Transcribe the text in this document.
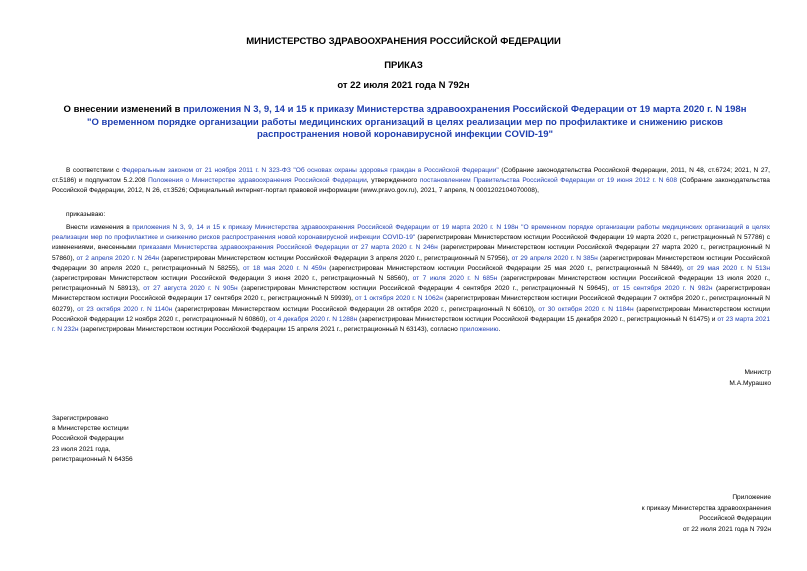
МИНИСТЕРСТВО ЗДРАВООХРАНЕНИЯ РОССИЙСКОЙ ФЕДЕРАЦИИ
ПРИКАЗ
от 22 июля 2021 года N 792н
О внесении изменений в приложения N 3, 9, 14 и 15 к приказу Министерства здравоохранения Российской Федерации от 19 марта 2020 г. N 198н "О временном порядке организации работы медицинских организаций в целях реализации мер по профилактике и снижению рисков распространения новой коронавирусной инфекции COVID-19"
В соответствии с Федеральным законом от 21 ноября 2011 г. N 323-ФЗ "Об основах охраны здоровья граждан в Российской Федерации" (Собрание законодательства Российской Федерации, 2011, N 48, ст.6724; 2021, N 27, ст.5186) и подпунктом 5.2.208 Положения о Министерстве здравоохранения Российской Федерации, утвержденного постановлением Правительства Российской Федерации от 19 июня 2012 г. N 608 (Собрание законодательства Российской Федерации, 2012, N 26, ст.3526; Официальный интернет-портал правовой информации (www.pravo.gov.ru), 2021, 7 апреля, N 0001202104070008),
приказываю:
Внести изменения в приложения N 3, 9, 14 и 15 к приказу Министерства здравоохранения Российской Федерации от 19 марта 2020 г. N 198н "О временном порядке организации работы медицинских организаций в целях реализации мер по профилактике и снижению рисков распространения новой коронавирусной инфекции COVID-19" (зарегистрирован Министерством юстиции Российской Федерации 19 марта 2020 г., регистрационный N 57786) с изменениями, внесенными приказами Министерства здравоохранения Российской Федерации от 27 марта 2020 г. N 246н (зарегистрирован Министерством юстиции Российской Федерации 27 марта 2020 г., регистрационный N 57860), от 2 апреля 2020 г. N 264н (зарегистрирован Министерством юстиции Российской Федерации 3 апреля 2020 г., регистрационный N 57956), от 29 апреля 2020 г. N 385н (зарегистрирован Министерством юстиции Российской Федерации 30 апреля 2020 г., регистрационный N 58255), от 18 мая 2020 г. N 459н (зарегистрирован Министерством юстиции Российской Федерации 25 мая 2020 г., регистрационный N 58449), от 29 мая 2020 г. N 513н (зарегистрирован Министерством юстиции Российской Федерации 3 июня 2020 г., регистрационный N 58560), от 7 июля 2020 г. N 685н (зарегистрирован Министерством юстиции Российской Федерации 13 июля 2020 г., регистрационный N 58913), от 27 августа 2020 г. N 905н (зарегистрирован Министерством юстиции Российской Федерации 4 сентября 2020 г., регистрационный N 59645), от 15 сентября 2020 г. N 982н (зарегистрирован Министерством юстиции Российской Федерации 17 сентября 2020 г., регистрационный N 59939), от 1 октября 2020 г. N 1062н (зарегистрирован Министерством юстиции Российской Федерации 7 октября 2020 г., регистрационный N 60279), от 23 октября 2020 г. N 1140н (зарегистрирован Министерством юстиции Российской Федерации 28 октября 2020 г., регистрационный N 60610), от 30 октября 2020 г. N 1184н (зарегистрирован Министерством юстиции Российской Федерации 12 ноября 2020 г., регистрационный N 60860), от 4 декабря 2020 г. N 1288н (зарегистрирован Министерством юстиции Российской Федерации 15 декабря 2020 г., регистрационный N 61475) и от 23 марта 2021 г. N 232н (зарегистрирован Министерством юстиции Российской Федерации 15 апреля 2021 г., регистрационный N 63143), согласно приложению.
Министр
М.А.Мурашко
Зарегистрировано
в Министерстве юстиции
Российской Федерации
23 июля 2021 года,
регистрационный N 64356
Приложение
к приказу Министерства здравоохранения
Российской Федерации
от 22 июля 2021 года N 792н
